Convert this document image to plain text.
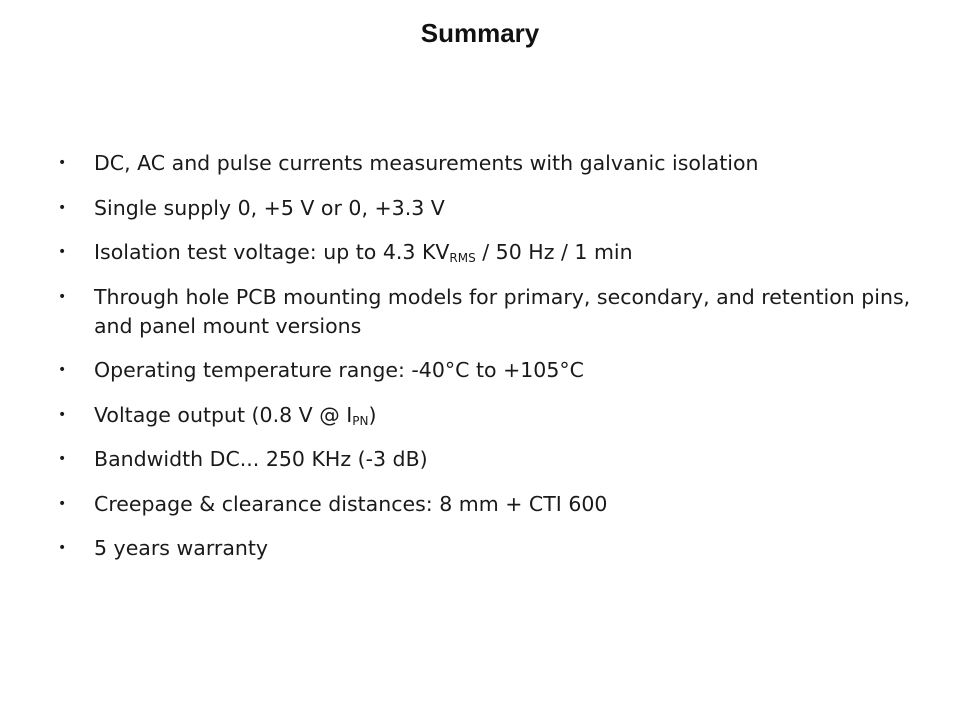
Summary
• DC, AC and pulse currents measurements with galvanic isolation
• Single supply 0, +5 V or 0, +3.3 V
• Isolation test voltage: up to 4.3 $KV_{RMS} / 50$ Hz / 1 min
• Through hole PCB mounting models for primary, secondary, and retention pins, and panel mount versions
• Operating temperature range: -40°C to +105°C
• Voltage output (0.8 V @ $I_{PN}$)
• Bandwidth DC... 250 KHz (-3 dB)
• Creepage & clearance distances: 8 mm + CTI 600
• 5 years warranty
